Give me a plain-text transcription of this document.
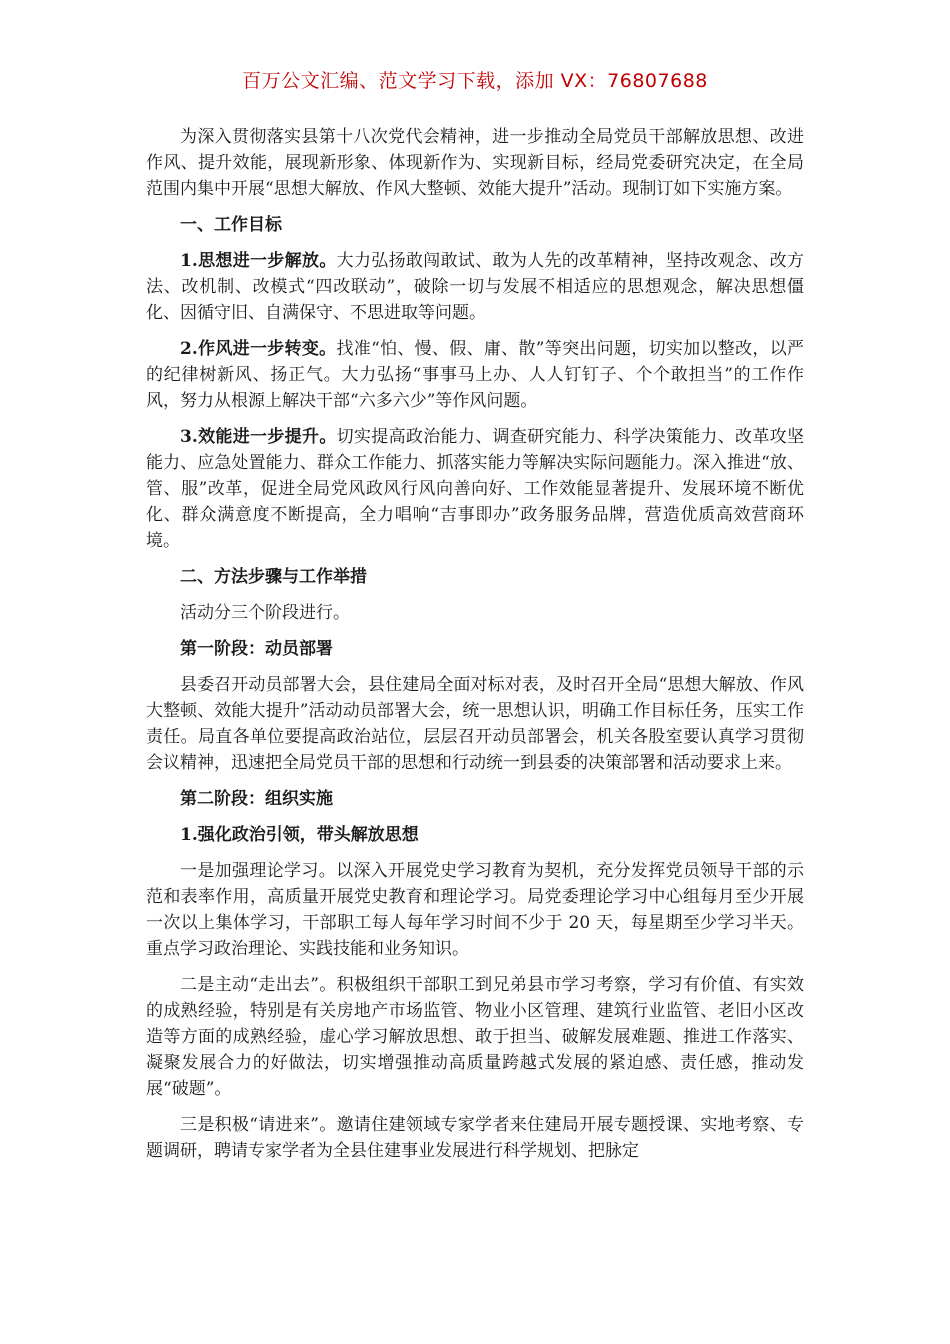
百万公文汇编、范文学习下载，添加 VX：76807688

为深入贯彻落实县第十八次党代会精神，进一步推动全局党员干部解放思想、改进作风、提升效能，展现新形象、体现新作为、实现新目标，经局党委研究决定，在全局范围内集中开展“思想大解放、作风大整顿、效能大提升”活动。现制订如下实施方案。

一、工作目标

1.思想进一步解放。大力弘扬敢闯敢试、敢为人先的改革精神，坚持改观念、改方法、改机制、改模式“四改联动”，破除一切与发展不相适应的思想观念，解决思想僵化、因循守旧、自满保守、不思进取等问题。

2.作风进一步转变。找准“怕、慢、假、庸、散”等突出问题，切实加以整改，以严的纪律树新风、扬正气。大力弘扬“事事马上办、人人钉钉子、个个敢担当”的工作作风，努力从根源上解决干部“六多六少”等作风问题。

3.效能进一步提升。切实提高政治能力、调查研究能力、科学决策能力、改革攻坚能力、应急处置能力、群众工作能力、抓落实能力等解决实际问题能力。深入推进“放、管、服”改革，促进全局党风政风行风向善向好、工作效能显著提升、发展环境不断优化、群众满意度不断提高，全力唱响“吉事即办”政务服务品牌，营造优质高效营商环境。

二、方法步骤与工作举措

活动分三个阶段进行。

第一阶段：动员部署

县委召开动员部署大会，县住建局全面对标对表，及时召开全局“思想大解放、作风大整顿、效能大提升”活动动员部署大会，统一思想认识，明确工作目标任务，压实工作责任。局直各单位要提高政治站位，层层召开动员部署会，机关各股室要认真学习贯彻会议精神，迅速把全局党员干部的思想和行动统一到县委的决策部署和活动要求上来。

第二阶段：组织实施

1.强化政治引领，带头解放思想

一是加强理论学习。以深入开展党史学习教育为契机，充分发挥党员领导干部的示范和表率作用，高质量开展党史教育和理论学习。局党委理论学习中心组每月至少开展一次以上集体学习，干部职工每人每年学习时间不少于 20 天，每星期至少学习半天。重点学习政治理论、实践技能和业务知识。

二是主动“走出去”。积极组织干部职工到兄弟县市学习考察，学习有价值、有实效的成熟经验，特别是有关房地产市场监管、物业小区管理、建筑行业监管、老旧小区改造等方面的成熟经验，虚心学习解放思想、敢于担当、破解发展难题、推进工作落实、凝聚发展合力的好做法，切实增强推动高质量跨越式发展的紧迫感、责任感，推动发展“破题”。

三是积极“请进来”。邀请住建领域专家学者来住建局开展专题授课、实地考察、专题调研，聘请专家学者为全县住建事业发展进行科学规划、把脉定
